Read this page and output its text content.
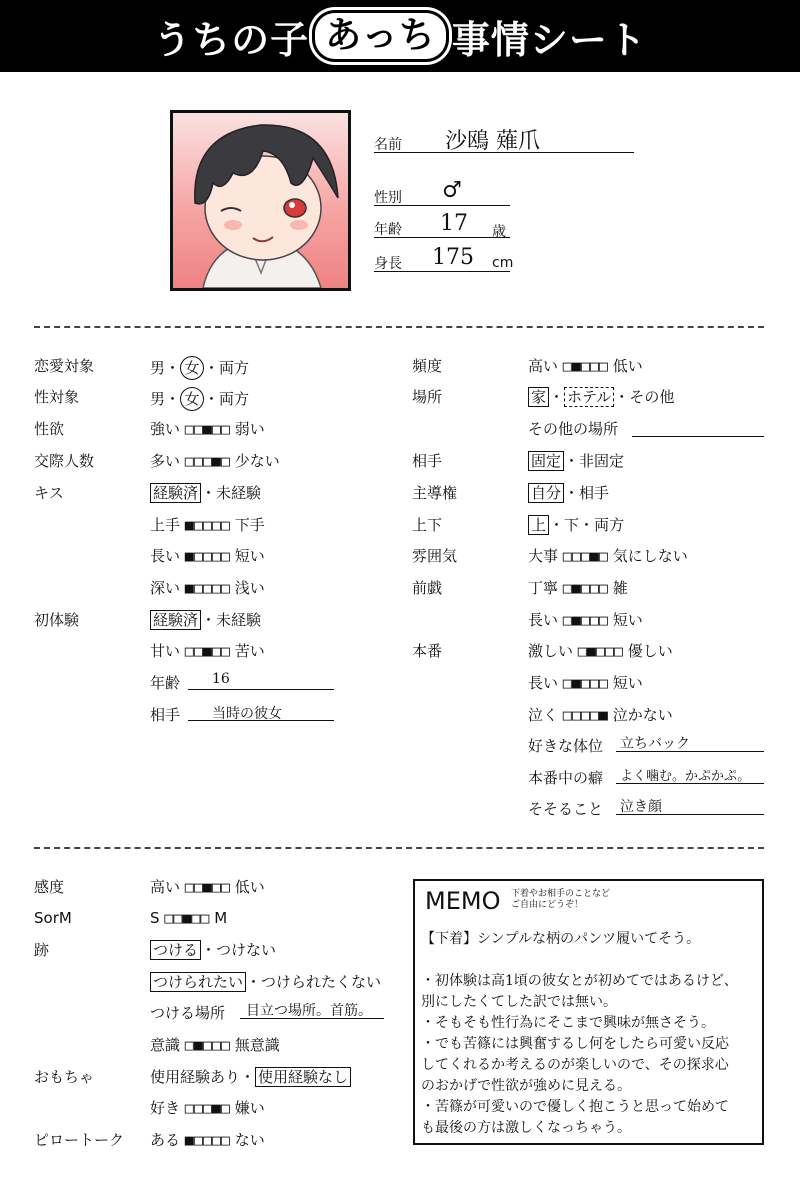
うちの子 あっち 事情シート
名前 沙鴎 薙爪
性別 ♂
年齢 17 歳
身長 175 cm
恋愛対象	男・ 女 ・両方
性対象	男・ 女 ・両方
性欲	強い □□■□□ 弱い
交際人数	多い □□□■□ 少ない
キス	経験済 ・未経験
上手 ■□□□□ 下手
長い ■□□□□ 短い
深い ■□□□□ 浅い
初体験	経験済 ・未経験
甘い □□■□□ 苦い
年齢 16
相手 当時の彼女
頻度	高い □■□□□ 低い
場所	家 ・ ホテル ・その他
その他の場所
相手	固定 ・非固定
主導権	自分 ・相手
上下	上 ・下・両方
雰囲気	大事 □□□■□ 気にしない
前戯	丁寧 □■□□□ 雑
長い □■□□□ 短い
本番	激しい □■□□□ 優しい
長い □■□□□ 短い
泣く □□□□■ 泣かない
好きな体位 立ちバック
本番中の癖 よく噛む。かぷかぷ。
そそること 泣き顔
感度	高い □□■□□ 低い
SorM	S □□■□□ M
跡	つける ・つけない
つけられたい ・つけられたくない
つける場所 目立つ場所。首筋。
意識 □■□□□ 無意識
おもちゃ	使用経験あり・ 使用経験なし
好き □□□■□ 嫌い
ピロートーク ある ■□□□□ ない
MEMO 下着やお相手のことなど
ご自由にどうぞ！
【下着】シンプルな柄のパンツ履いてそう。

・初体験は高1頃の彼女とが初めてではあるけど、
別にしたくてした訳では無い。
・そもそも性行為にそこまで興味が無さそう。
・でも苦篠には興奮するし何をしたら可愛い反応
してくれるか考えるのが楽しいので、その探求心
のおかげで性欲が強めに見える。
・苦篠が可愛いので優しく抱こうと思って始めて
も最後の方は激しくなっちゃう。
